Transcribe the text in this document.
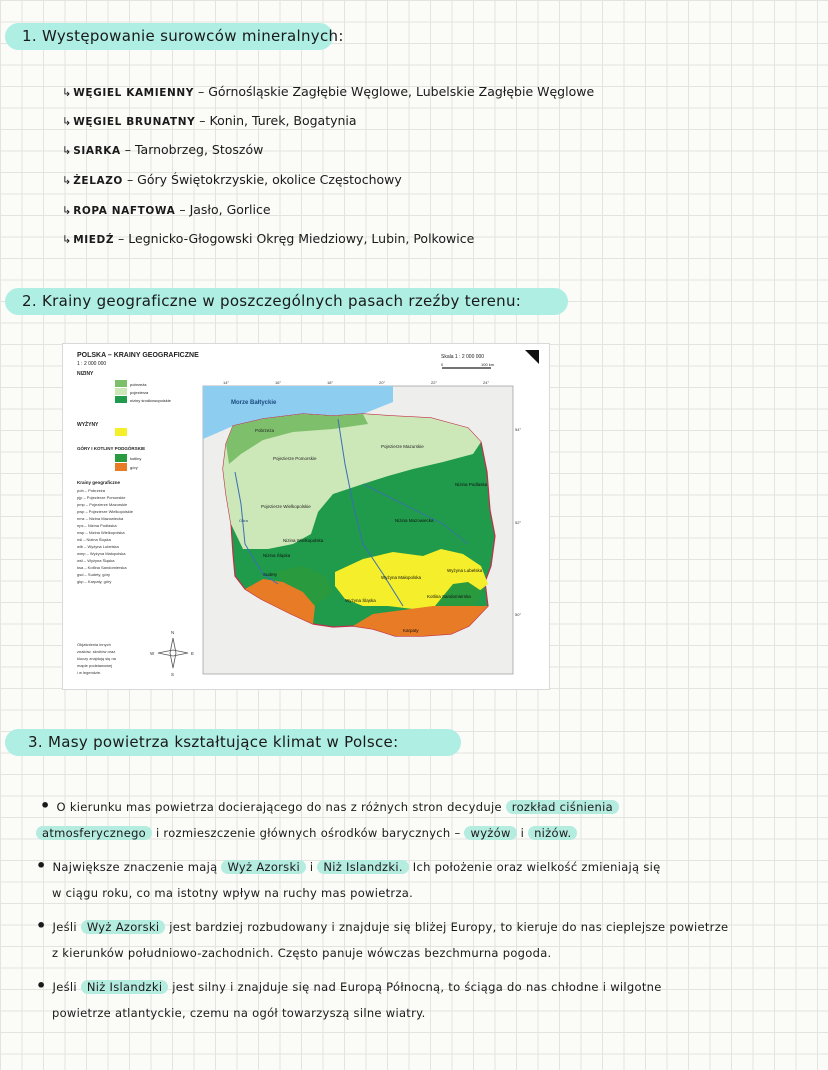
1. Występowanie surowców mineralnych:
↳ WĘGIEL KAMIENNY – Górnośląskie Zagłębie Węglowe, Lubelskie Zagłębie Węglowe
↳ WĘGIEL BRUNATNY – Konin, Turek, Bogatynia
↳ SIARKA – Tarnobrzeg, Stoszów
↳ ŻELAZO – Góry Świętokrzyskie, okolice Częstochowy
↳ ROPA NAFTOWA – Jasło, Gorlice
↳ MIEDŹ – Legnicko-Głogowski Okręg Miedziowy, Lubin, Polkowice
2. Krainy geograficzne w poszczególnych pasach rzeźby terenu:
POLSKA – KRAINY GEOGRAFICZNE
1 : 2 000 000
Skala 1 : 2 000 000
0	100 km
NIZINY
pobrzeża
pojezierza
niziny środkowopolskie
WYŻYNY
GÓRY I KOTLINY PODGÓRSKIE
kotliny
góry
Krainy geograficzne
pob – Pobrzeża
pjp – Pojezierze Pomorskie
pmp – Pojezierze Mazurskie
pwp – Pojezierze Wielkopolskie
nmz – Nizina Mazowiecka
nps – Nizina Podlaska
nwp – Nizina Wielkopolska
nśl – Nizina Śląska
wlb – Wyżyna Lubelska
wmp – Wyżyna Małopolska
wśl – Wyżyna Śląska
ksa – Kotlina Sandomierska
gsd – Sudety, góry
gkp – Karpaty, góry
Objaśnienia innych
znaków, skrótów oraz
kluczy znajdują się na
mapie podstawowej
i w legendzie.
N
S
E
W
Morze Bałtyckie
Pobrzeża
Pojezierze Pomorskie
Pojezierze Mazurskie
Pojezierze Wielkopolskie
Nizina Podlaska
Nizina Mazowiecka
Nizina Wielkopolska
Nizina Śląska
Sudety
Wyżyna Małopolska
Wyżyna Lubelska
Wyżyna Śląska
Kotlina Sandomierska
Karpaty
Odra
14°	16°	18°	20°	22°	24°
54°
52°
50°
3. Masy powietrza kształtujące klimat w Polsce:
• O kierunku mas powietrza docierającego do nas z różnych stron decyduje rozkład ciśnienia
atmosferycznego i rozmieszczenie głównych ośrodków barycznych – wyżów i niżów.
• Największe znaczenie mają Wyż Azorski i Niż Islandzki. Ich położenie oraz wielkość zmieniają się
w ciągu roku, co ma istotny wpływ na ruchy mas powietrza.
• Jeśli Wyż Azorski jest bardziej rozbudowany i znajduje się bliżej Europy, to kieruje do nas cieplejsze powietrze
z kierunków południowo-zachodnich. Często panuje wówczas bezchmurna pogoda.
• Jeśli Niż Islandzki jest silny i znajduje się nad Europą Północną, to ściąga do nas chłodne i wilgotne
powietrze atlantyckie, czemu na ogół towarzyszą silne wiatry.
